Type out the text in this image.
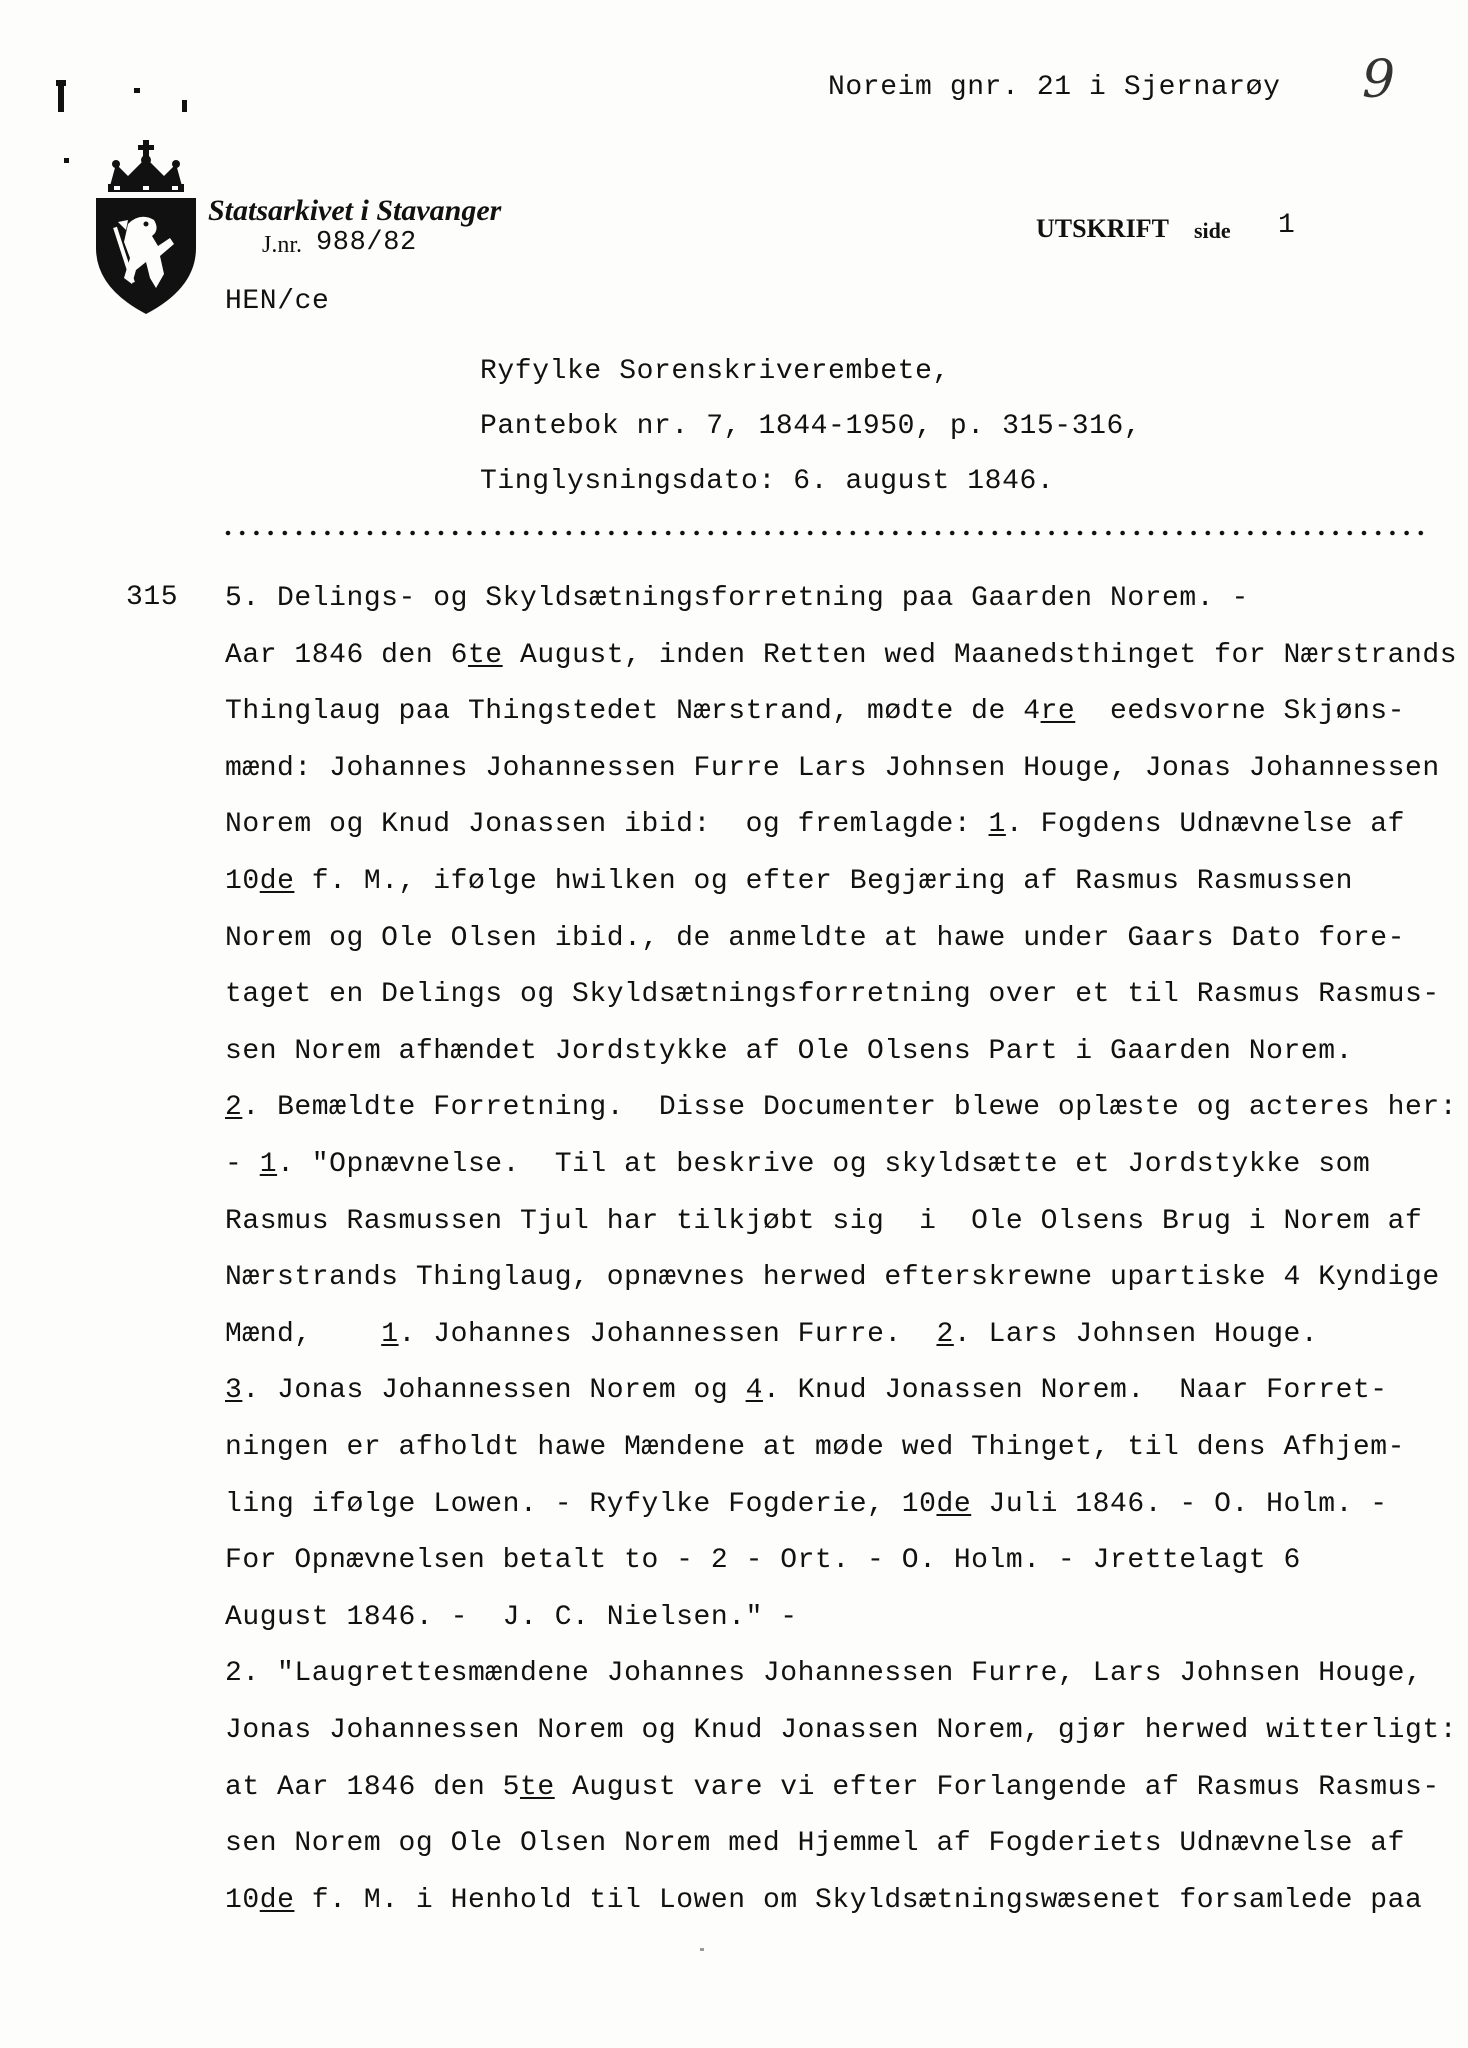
Noreim gnr. 21 i Sjernarøy 9
Statsarkivet i Stavanger
J.nr. 988/82	UTSKRIFT side 1
HEN/ce
Ryfylke Sorenskriverembete,
Pantebok nr. 7, 1844-1950, p. 315-316,
Tinglysningsdato: 6. august 1846.
315 5. Delings- og Skyldsætningsforretning paa Gaarden Norem. -
Aar 1846 den 6te August, inden Retten wed Maanedsthinget for Nærstrands
Thinglaug paa Thingstedet Nærstrand, mødte de 4re  eedsvorne Skjøns-
mænd: Johannes Johannessen Furre Lars Johnsen Houge, Jonas Johannessen
Norem og Knud Jonassen ibid:  og fremlagde: 1. Fogdens Udnævnelse af
10de f. M., ifølge hwilken og efter Begjæring af Rasmus Rasmussen
Norem og Ole Olsen ibid., de anmeldte at hawe under Gaars Dato fore-
taget en Delings og Skyldsætningsforretning over et til Rasmus Rasmus-
sen Norem afhændet Jordstykke af Ole Olsens Part i Gaarden Norem.
2. Bemældte Forretning.  Disse Documenter blewe oplæste og acteres her:
- 1. "Opnævnelse.  Til at beskrive og skyldsætte et Jordstykke som
Rasmus Rasmussen Tjul har tilkjøbt sig  i  Ole Olsens Brug i Norem af
Nærstrands Thinglaug, opnævnes herwed efterskrewne upartiske 4 Kyndige
Mænd,    1. Johannes Johannessen Furre.  2. Lars Johnsen Houge.
3. Jonas Johannessen Norem og 4. Knud Jonassen Norem.  Naar Forret-
ningen er afholdt hawe Mændene at møde wed Thinget, til dens Afhjem-
ling ifølge Lowen. - Ryfylke Fogderie, 10de Juli 1846. - O. Holm. -
For Opnævnelsen betalt to - 2 - Ort. - O. Holm. - Jrettelagt 6
August 1846. -  J. C. Nielsen." -
2. "Laugrettesmændene Johannes Johannessen Furre, Lars Johnsen Houge,
Jonas Johannessen Norem og Knud Jonassen Norem, gjør herwed witterligt:
at Aar 1846 den 5te August vare vi efter Forlangende af Rasmus Rasmus-
sen Norem og Ole Olsen Norem med Hjemmel af Fogderiets Udnævnelse af
10de f. M. i Henhold til Lowen om Skyldsætningswæsenet forsamlede paa
